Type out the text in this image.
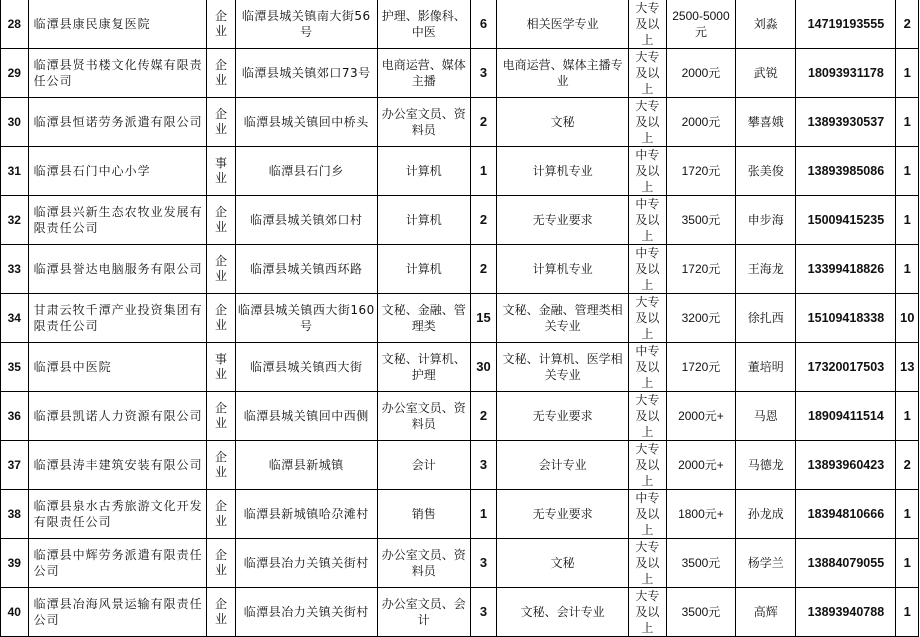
28	临潭县康民康复医院	企业	临潭县城关镇南大街56号	护理、影像科、中医	6	相关医学专业	大专及以上	2500-5000元	刘淼	14719193555	2
29	临潭县贤书楼文化传媒有限责任公司	企业	临潭县城关镇郊口73号	电商运营、媒体主播	3	电商运营、媒体主播专业	大专及以上	2000元	武锐	18093931178	1
30	临潭县恒诺劳务派遣有限公司	企业	临潭县城关镇回中桥头	办公室文员、资料员	2	文秘	大专及以上	2000元	攀喜娥	13893930537	1
31	临潭县石门中心小学	事业	临潭县石门乡	计算机	1	计算机专业	中专及以上	1720元	张美俊	13893985086	1
32	临潭县兴新生态农牧业发展有限责任公司	企业	临潭县城关镇郊口村	计算机	2	无专业要求	中专及以上	3500元	申步海	15009415235	1
33	临潭县誉达电脑服务有限公司	企业	临潭县城关镇西环路	计算机	2	计算机专业	中专及以上	1720元	王海龙	13399418826	1
34	甘肃云牧千潭产业投资集团有限责任公司	企业	临潭县城关镇西大街160号	文秘、金融、管理类	15	文秘、金融、管理类相关专业	大专及以上	3200元	徐扎西	15109418338	10
35	临潭县中医院	事业	临潭县城关镇西大街	文秘、计算机、护理	30	文秘、计算机、医学相关专业	中专及以上	1720元	董培明	17320017503	13
36	临潭县凯诺人力资源有限公司	企业	临潭县城关镇回中西侧	办公室文员、资料员	2	无专业要求	大专及以上	2000元+	马恩	18909411514	1
37	临潭县涛丰建筑安装有限公司	企业	临潭县新城镇	会计	3	会计专业	大专及以上	2000元+	马德龙	13893960423	2
38	临潭县泉水古秀旅游文化开发有限责任公司	企业	临潭县新城镇哈尕滩村	销售	1	无专业要求	中专及以上	1800元+	孙龙成	18394810666	1
39	临潭县中辉劳务派遣有限责任公司	企业	临潭县冶力关镇关街村	办公室文员、资料员	3	文秘	大专及以上	3500元	杨学兰	13884079055	1
40	临潭县冶海风景运输有限责任公司	企业	临潭县冶力关镇关街村	办公室文员、会计	3	文秘、会计专业	大专及以上	3500元	高辉	13893940788	1
